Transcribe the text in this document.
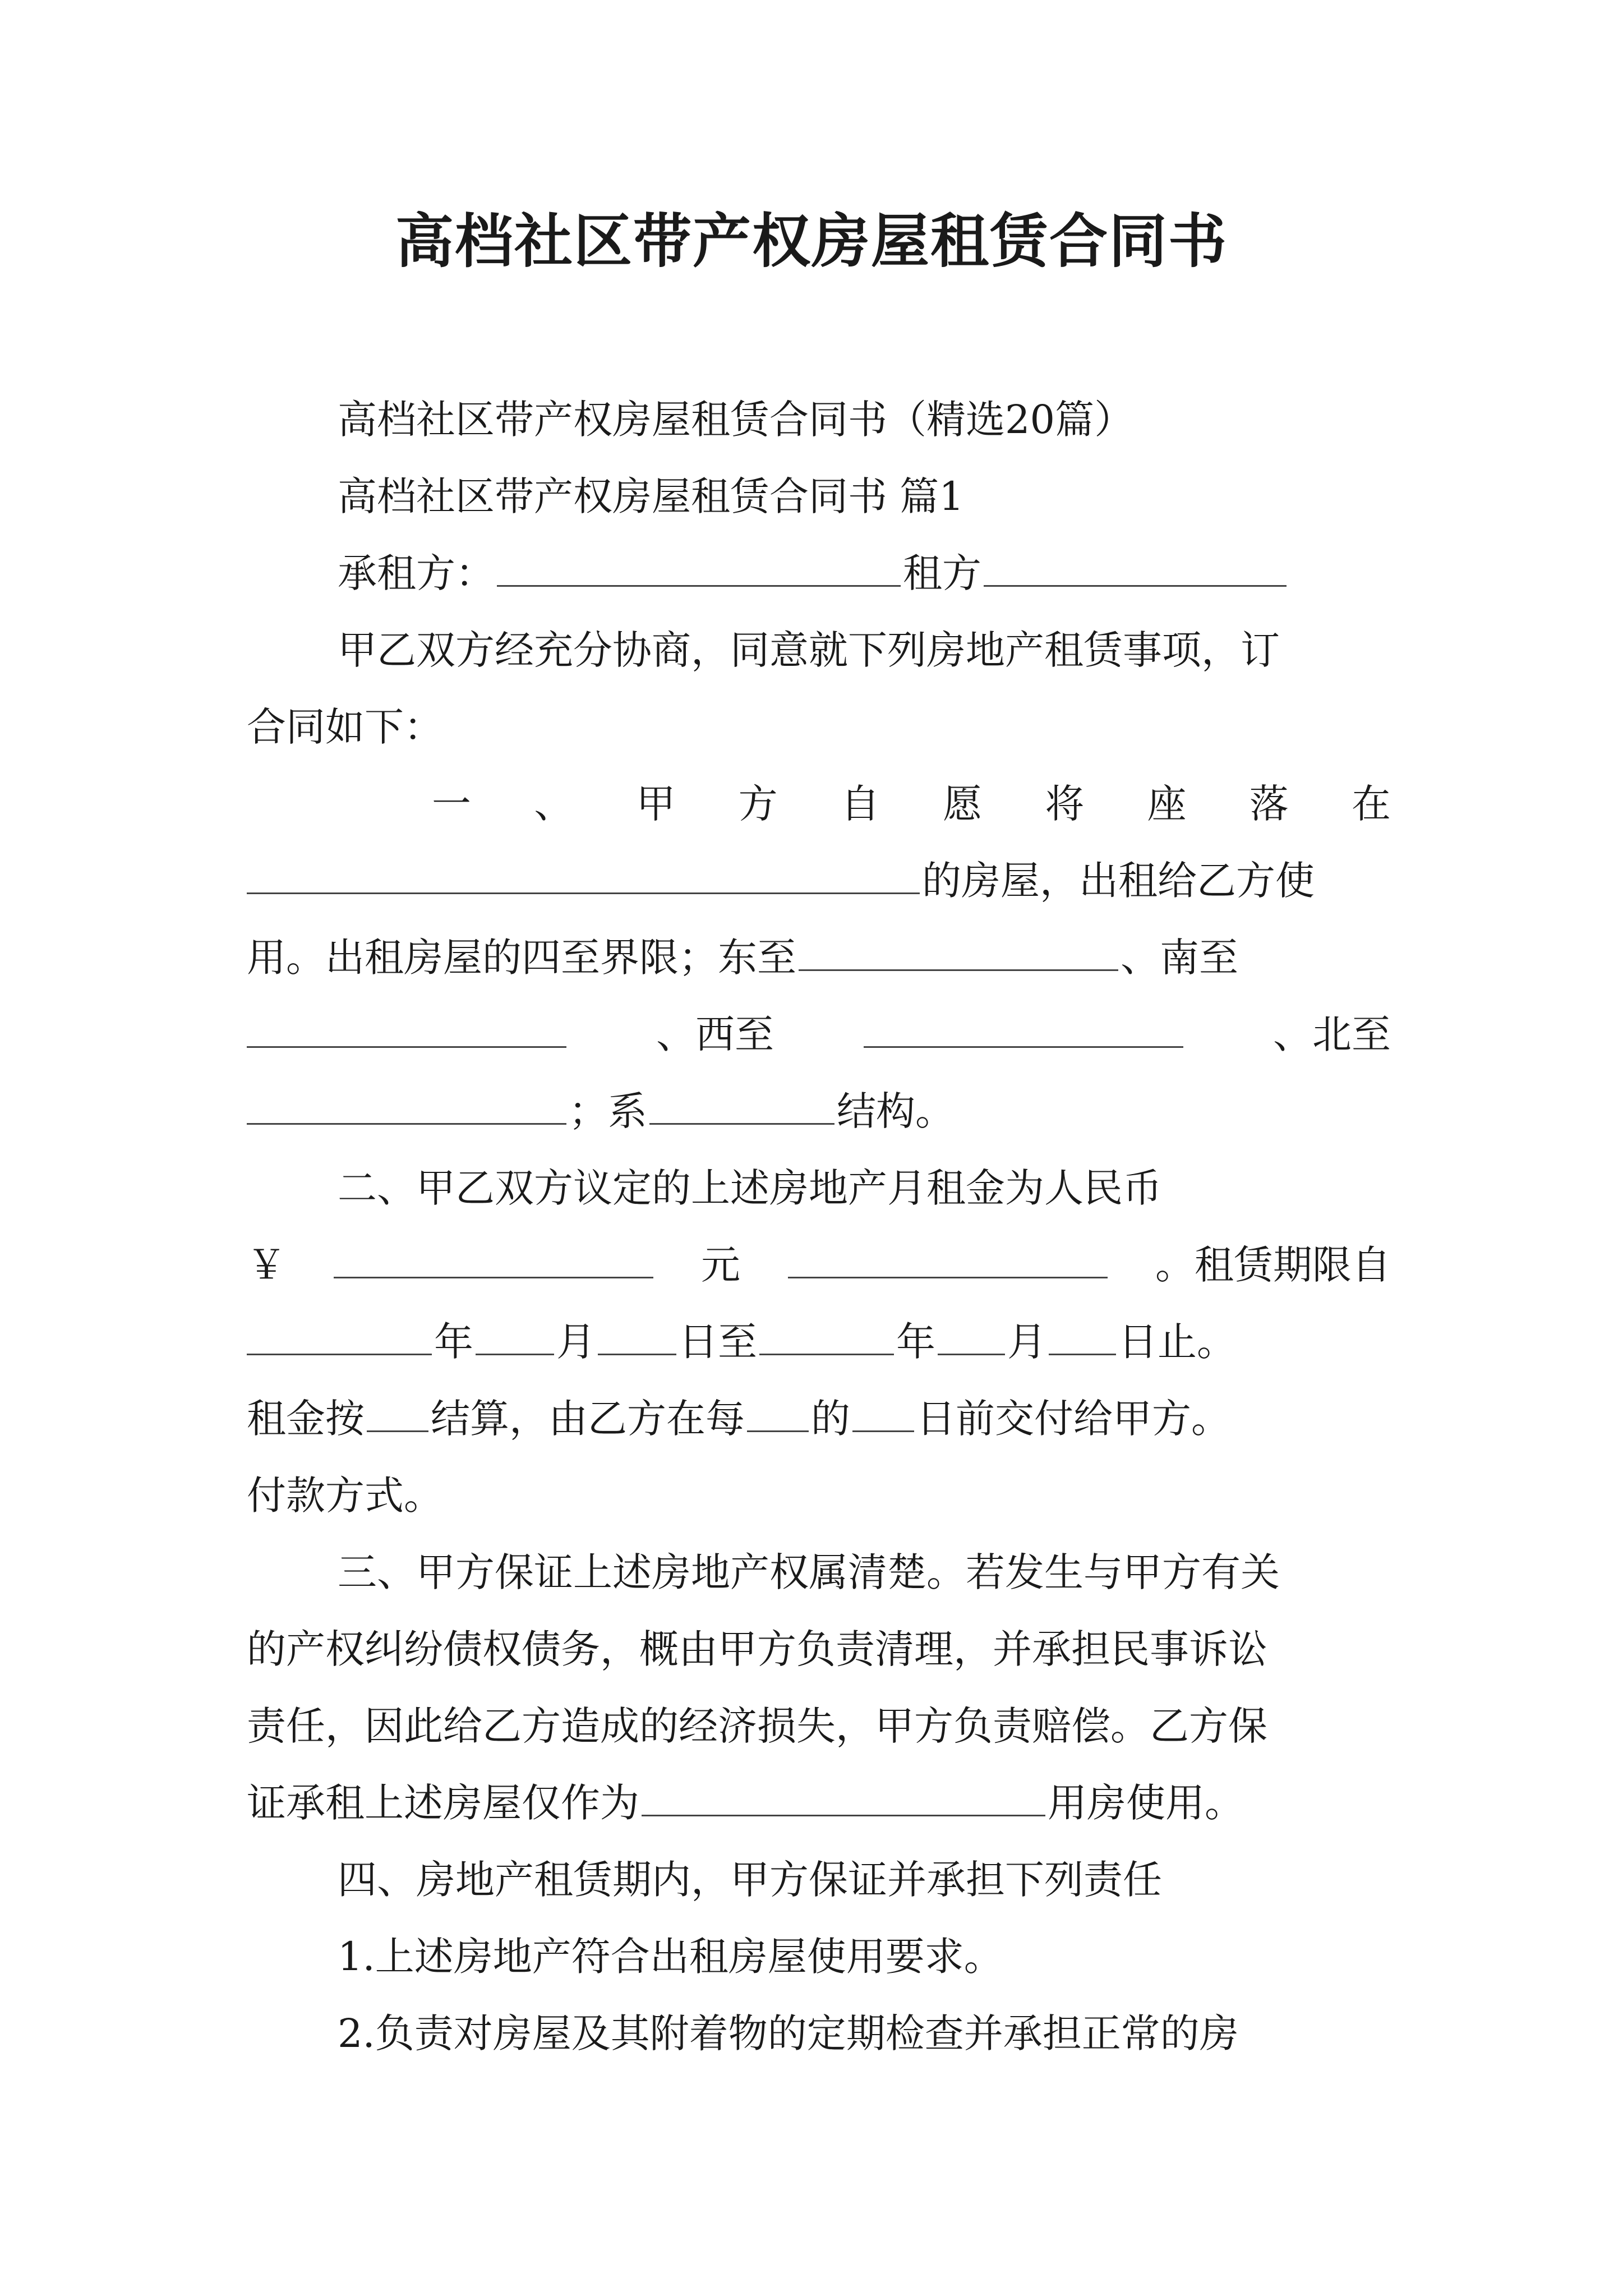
高档社区带产权房屋租赁合同书
高档社区带产权房屋租赁合同书（精选20篇）
高档社区带产权房屋租赁合同书 篇1
承租方：	租方
甲乙双方经充分协商，同意就下列房地产租赁事项，订
合同如下：
一 、 甲 方 自 愿 将 座 落 在
的房屋，出租给乙方使
用。出租房屋的四至界限；东至	、南至
、西至	、北至
；系	结构。
二、甲乙双方议定的上述房地产月租金为人民币
￥	元	。租赁期限自
年 月 日至	年 月 日止。
租金按 结算，由乙方在每 的 日前交付给甲方。
付款方式。
三、甲方保证上述房地产权属清楚。若发生与甲方有关
的产权纠纷债权债务，概由甲方负责清理，并承担民事诉讼
责任，因此给乙方造成的经济损失，甲方负责赔偿。乙方保
证承租上述房屋仅作为	用房使用。
四、房地产租赁期内，甲方保证并承担下列责任
1.上述房地产符合出租房屋使用要求。
2.负责对房屋及其附着物的定期检查并承担正常的房
